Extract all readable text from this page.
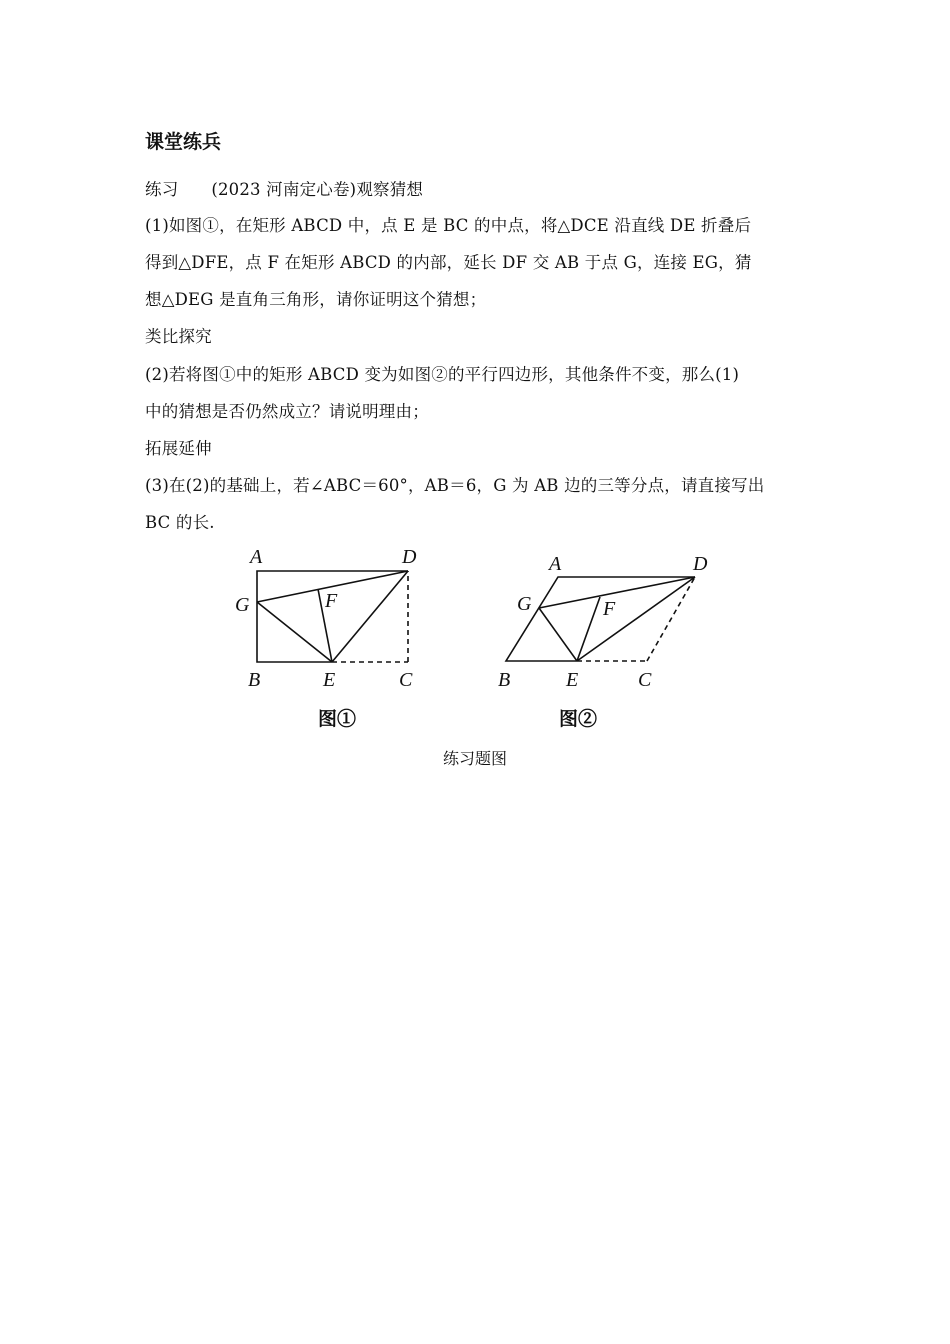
课堂练兵
练习 (2023 河南定心卷)观察猜想
(1)如图①，在矩形 ABCD 中，点 E 是 BC 的中点，将△DCE 沿直线 DE 折叠后
得到△DFE，点 F 在矩形 ABCD 的内部，延长 DF 交 AB 于点 G，连接 EG，猜
想△DEG 是直角三角形，请你证明这个猜想；
类比探究
(2)若将图①中的矩形 ABCD 变为如图②的平行四边形，其他条件不变，那么(1)
中的猜想是否仍然成立？请说明理由；
拓展延伸
(3)在(2)的基础上，若∠ABC＝60°，AB＝6，G 为 AB 边的三等分点，请直接写出
BC 的长.
A	D
G	F
B	E	C
图①
A	D
G	F
B	E	C
图②
练习题图
